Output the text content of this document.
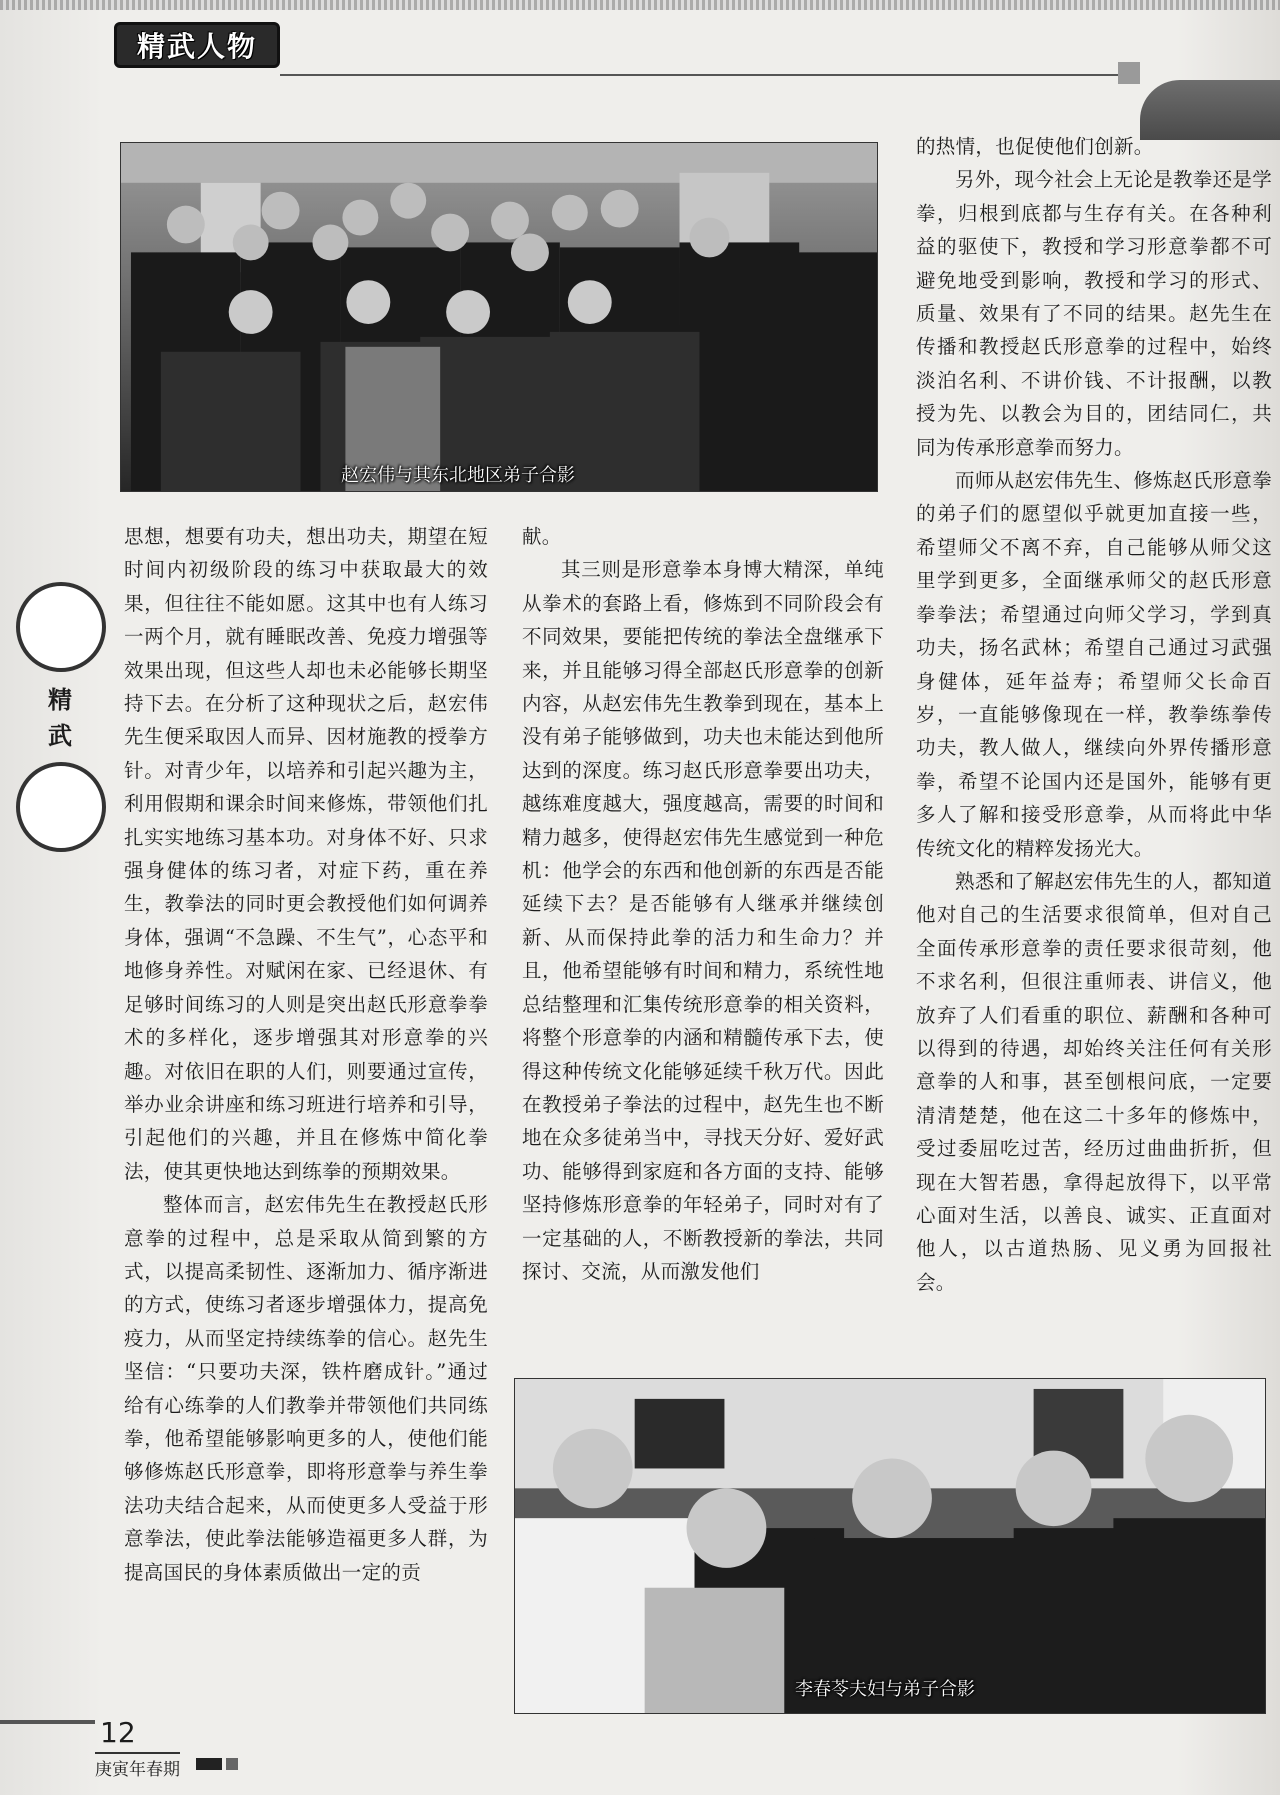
精武人物
赵宏伟与其东北地区弟子合影
精
武

思想，想要有功夫，想出功夫，期望在短时间内初级阶段的练习中获取最大的效果，但往往不能如愿。这其中也有人练习一两个月，就有睡眠改善、免疫力增强等效果出现，但这些人却也未必能够长期坚持下去。在分析了这种现状之后，赵宏伟先生便采取因人而异、因材施教的授拳方针。对青少年，以培养和引起兴趣为主，利用假期和课余时间来修炼，带领他们扎扎实实地练习基本功。对身体不好、只求强身健体的练习者，对症下药，重在养生，教拳法的同时更会教授他们如何调养身体，强调“不急躁、不生气”，心态平和地修身养性。对赋闲在家、已经退休、有足够时间练习的人则是突出赵氏形意拳拳术的多样化，逐步增强其对形意拳的兴趣。对依旧在职的人们，则要通过宣传，举办业余讲座和练习班进行培养和引导，引起他们的兴趣，并且在修炼中简化拳法，使其更快地达到练拳的预期效果。

整体而言，赵宏伟先生在教授赵氏形意拳的过程中，总是采取从简到繁的方式，以提高柔韧性、逐渐加力、循序渐进的方式，使练习者逐步增强体力，提高免疫力，从而坚定持续练拳的信心。赵先生坚信：“只要功夫深，铁杵磨成针。”通过给有心练拳的人们教拳并带领他们共同练拳，他希望能够影响更多的人，使他们能够修炼赵氏形意拳，即将形意拳与养生拳法功夫结合起来，从而使更多人受益于形意拳法，使此拳法能够造福更多人群，为提高国民的身体素质做出一定的贡

献。

其三则是形意拳本身博大精深，单纯从拳术的套路上看，修炼到不同阶段会有不同效果，要能把传统的拳法全盘继承下来，并且能够习得全部赵氏形意拳的创新内容，从赵宏伟先生教拳到现在，基本上没有弟子能够做到，功夫也未能达到他所达到的深度。练习赵氏形意拳要出功夫，越练难度越大，强度越高，需要的时间和精力越多，使得赵宏伟先生感觉到一种危机：他学会的东西和他创新的东西是否能延续下去？是否能够有人继承并继续创新、从而保持此拳的活力和生命力？并且，他希望能够有时间和精力，系统性地总结整理和汇集传统形意拳的相关资料，将整个形意拳的内涵和精髓传承下去，使得这种传统文化能够延续千秋万代。因此在教授弟子拳法的过程中，赵先生也不断地在众多徒弟当中，寻找天分好、爱好武功、能够得到家庭和各方面的支持、能够坚持修炼形意拳的年轻弟子，同时对有了一定基础的人，不断教授新的拳法，共同探讨、交流，从而激发他们

的热情，也促使他们创新。

另外，现今社会上无论是教拳还是学拳，归根到底都与生存有关。在各种利益的驱使下，教授和学习形意拳都不可避免地受到影响，教授和学习的形式、质量、效果有了不同的结果。赵先生在传播和教授赵氏形意拳的过程中，始终淡泊名利、不讲价钱、不计报酬，以教授为先、以教会为目的，团结同仁，共同为传承形意拳而努力。

而师从赵宏伟先生、修炼赵氏形意拳的弟子们的愿望似乎就更加直接一些，希望师父不离不弃，自己能够从师父这里学到更多，全面继承师父的赵氏形意拳拳法；希望通过向师父学习，学到真功夫，扬名武林；希望自己通过习武强身健体，延年益寿；希望师父长命百岁，一直能够像现在一样，教拳练拳传功夫，教人做人，继续向外界传播形意拳，希望不论国内还是国外，能够有更多人了解和接受形意拳，从而将此中华传统文化的精粹发扬光大。

熟悉和了解赵宏伟先生的人，都知道他对自己的生活要求很简单，但对自己全面传承形意拳的责任要求很苛刻，他不求名利，但很注重师表、讲信义，他放弃了人们看重的职位、薪酬和各种可以得到的待遇，却始终关注任何有关形意拳的人和事，甚至刨根问底，一定要清清楚楚，他在这二十多年的修炼中，受过委屈吃过苦，经历过曲曲折折，但现在大智若愚，拿得起放得下，以平常心面对生活，以善良、诚实、正直面对他人，以古道热肠、见义勇为回报社会。

李春苓夫妇与弟子合影
12
庚寅年春期
